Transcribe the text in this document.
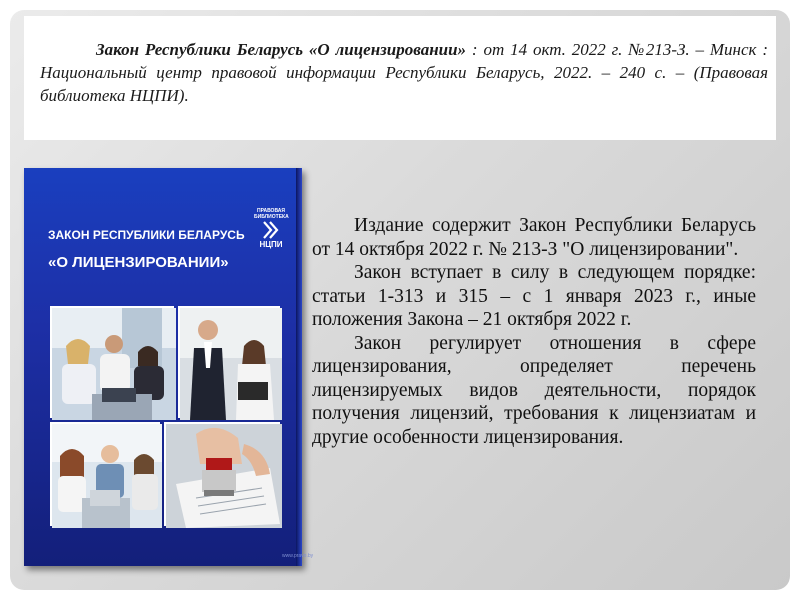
Закон Республики Беларусь «О лицензировании» : от 14 окт. 2022 г. №213-З. – Минск : Национальный центр правовой информации Республики Беларусь, 2022. – 240 с. – (Правовая библиотека НЦПИ).

ПРАВОВАЯ БИБЛИОТЕКА
НЦПИ
ЗАКОН РЕСПУБЛИКИ БЕЛАРУСЬ
«О ЛИЦЕНЗИРОВАНИИ»
www.pravo.by

Издание содержит Закон Республики Беларусь от 14 октября 2022 г. № 213-З "О лицензировании".

Закон вступает в силу в следующем порядке: статьи 1-313 и 315 – с 1 января 2023 г., иные положения Закона – 21 октября 2022 г.

Закон регулирует отношения в сфере лицензирования, определяет перечень лицензируемых видов деятельности, порядок получения лицензий, требования к лицензиатам и другие особенности лицензирования.
